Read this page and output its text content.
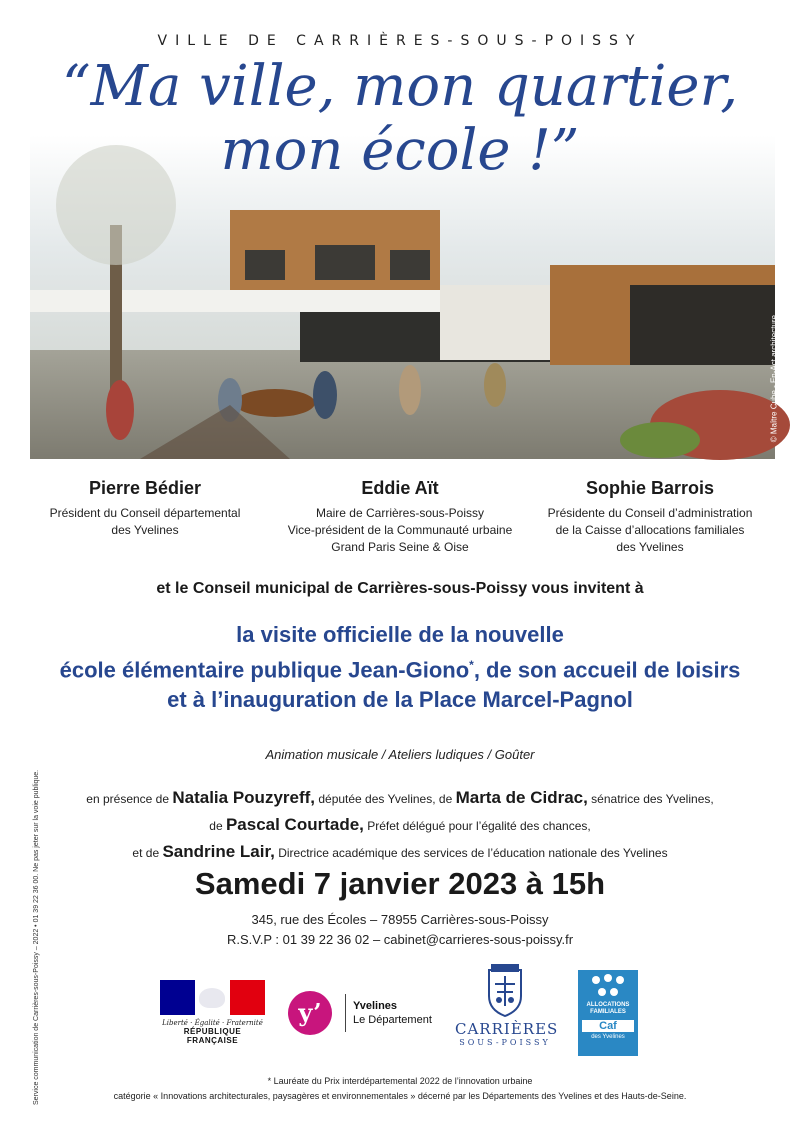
VILLE DE CARRIÈRES-SOUS-POISSY
© Maître Cube - En-Act architecture
“Ma ville, mon quartier,
mon école !”
Pierre Bédier
Président du Conseil départemental
des Yvelines
Eddie Aït
Maire de Carrières-sous-Poissy
Vice-président de la Communauté urbaine
Grand Paris Seine & Oise
Sophie Barrois
Présidente du Conseil d’administration
de la Caisse d’allocations familiales
des Yvelines
et le Conseil municipal de Carrières-sous-Poissy vous invitent à
la visite officielle de la nouvelle
école élémentaire publique Jean-Giono*, de son accueil de loisirs
et à l’inauguration de la Place Marcel-Pagnol
Animation musicale / Ateliers ludiques / Goûter
en présence de Natalia Pouzyreff, députée des Yvelines, de Marta de Cidrac, sénatrice des Yvelines,
de Pascal Courtade, Préfet délégué pour l’égalité des chances,
et de Sandrine Lair, Directrice académique des services de l’éducation nationale des Yvelines
Samedi 7 janvier 2023 à 15h
345, rue des Écoles – 78955 Carrières-sous-Poissy
R.S.V.P : 01 39 22 36 02 – cabinet@carrieres-sous-poissy.fr
Liberté · Égalité · Fraternité
RÉPUBLIQUE FRANÇAISE
y’	Yvelines
Le Département CARRIÈRES
SOUS-POISSY
ALLOCATIONS FAMILIALES
Caf
des Yvelines
* Lauréate du Prix interdépartemental 2022 de l’innovation urbaine
catégorie « Innovations architecturales, paysagères et environnementales » décerné par les Départements des Yvelines et des Hauts-de-Seine.
Service communication de Carrières-sous-Poissy – 2022 • 01 39 22 36 00. Ne pas jeter sur la voie publique.
